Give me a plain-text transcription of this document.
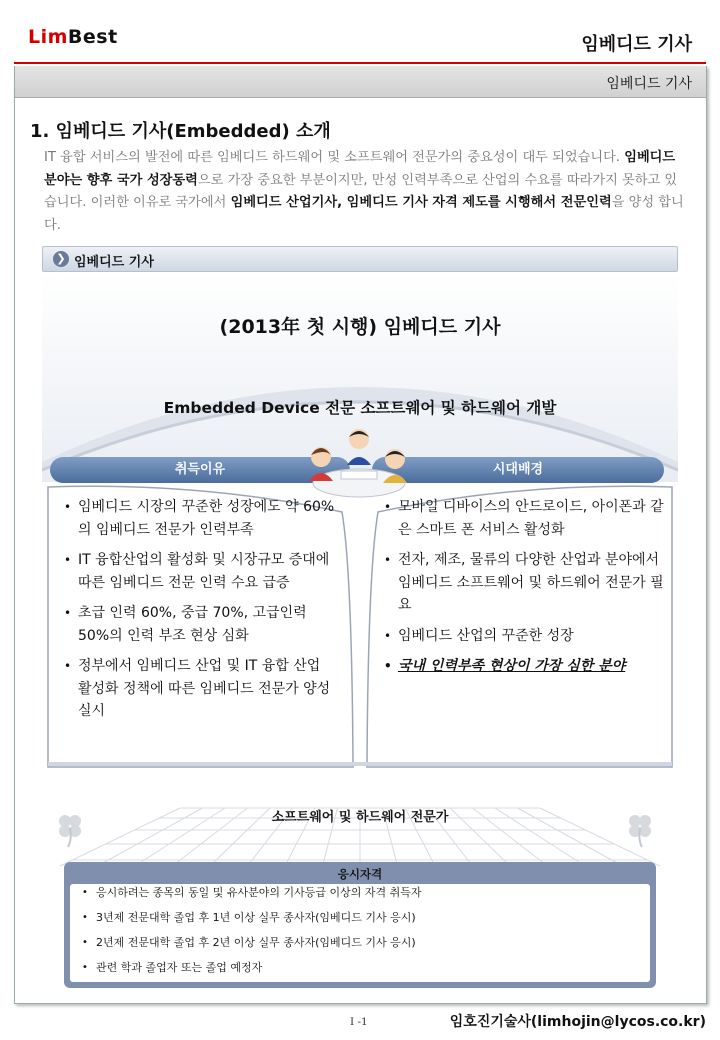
LimBest	임베디드 기사
임베디드 기사
1. 임베디드 기사(Embedded) 소개

IT 융합 서비스의 발전에 따른 임베디드 하드웨어 및 소프트웨어 전문가의 중요성이 대두 되었습니다. 임베디드 분야는 향후 국가 성장동력으로 가장 중요한 부분이지만, 만성 인력부족으로 산업의 수요를 따라가지 못하고 있습니다. 이러한 이유로 국가에서 임베디드 산업기사, 임베디드 기사 자격 제도를 시행해서 전문인력을 양성 합니다.

❯ 임베디드 기사
(2013年 첫 시행) 임베디드 기사
Embedded Device 전문 소프트웨어 및 하드웨어 개발
취득이유	시대배경
• 임베디드 시장의 꾸준한 성장에도 약 60%의 임베디드 전문가 인력부족
• IT 융합산업의 활성화 및 시장규모 증대에 따른 임베디드 전문 인력 수요 급증
• 초급 인력 60%, 중급 70%, 고급인력 50%의 인력 부조 현상 심화
• 정부에서 임베디드 산업 및 IT 융합 산업 활성화 정책에 따른 임베디드 전문가 양성 실시
• 모바일 디바이스의 안드로이드, 아이폰과 같은 스마트 폰 서비스 활성화
• 전자, 제조, 물류의 다양한 산업과 분야에서 임베디드 소프트웨어 및 하드웨어 전문가 필요
• 임베디드 산업의 꾸준한 성장
• 국내 인력부족 현상이 가장 심한 분야
소프트웨어 및 하드웨어 전문가
응시자격
• 응시하려는 종목의 동일 및 유사분야의 기사등급 이상의 자격 취득자
• 3년제 전문대학 졸업 후 1년 이상 실무 종사자(임베디드 기사 응시)
• 2년제 전문대학 졸업 후 2년 이상 실무 종사자(임베디드 기사 응시)
• 관련 학과 졸업자 또는 졸업 예정자
I -1	임호진기술사(limhojin@lycos.co.kr)
